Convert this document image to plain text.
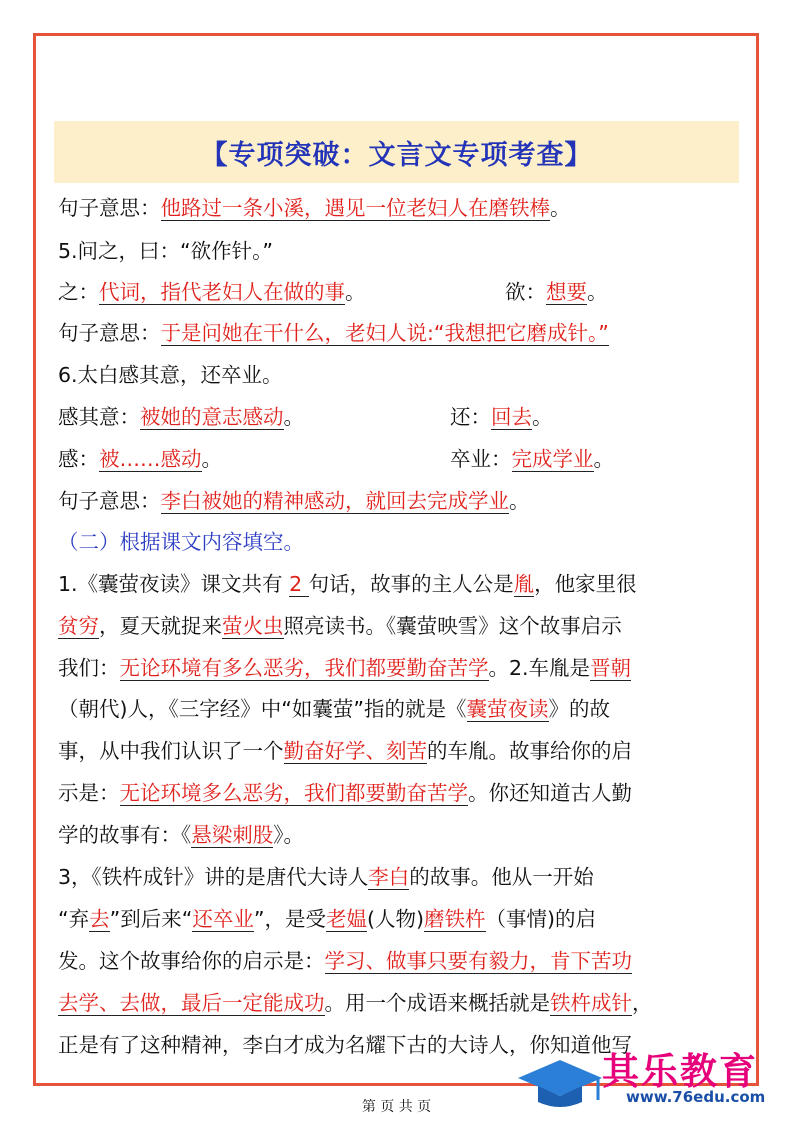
【专项突破：文言文专项考查】
句子意思：他路过一条小溪，遇见一位老妇人在磨铁棒。
5.问之，曰：“欲作针。”
之：代词，指代老妇人在做的事。	欲：想要。
句子意思：于是问她在干什么，老妇人说:“我想把它磨成针。”
6.太白感其意，还卒业。
感其意：被她的意志感动。	还：回去。
感：被……感动。	卒业：完成学业。
句子意思：李白被她的精神感动，就回去完成学业。
（二）根据课文内容填空。
1.《囊萤夜读》课文共有 2 句话，故事的主人公是胤，他家里很
贫穷，夏天就捉来萤火虫照亮读书。《囊萤映雪》这个故事启示
我们：无论环境有多么恶劣，我们都要勤奋苦学。2.车胤是晋朝
（朝代)人，《三字经》中“如囊萤”指的就是《囊萤夜读》的故
事，从中我们认识了一个勤奋好学、刻苦的车胤。故事给你的启
示是：无论环境多么恶劣，我们都要勤奋苦学。你还知道古人勤
学的故事有：《悬梁刺股》。
3，《铁杵成针》讲的是唐代大诗人李白的故事。他从一开始
“弃去”到后来“还卒业”，是受老媪(人物)磨铁杵（事情)的启
发。这个故事给你的启示是：学习、做事只要有毅力，肯下苦功
去学、去做，最后一定能成功。用一个成语来概括就是铁杵成针，
正是有了这种精神，李白才成为名耀下古的大诗人，你知道他写
其乐教育
www.76edu.com
第 页 共 页
